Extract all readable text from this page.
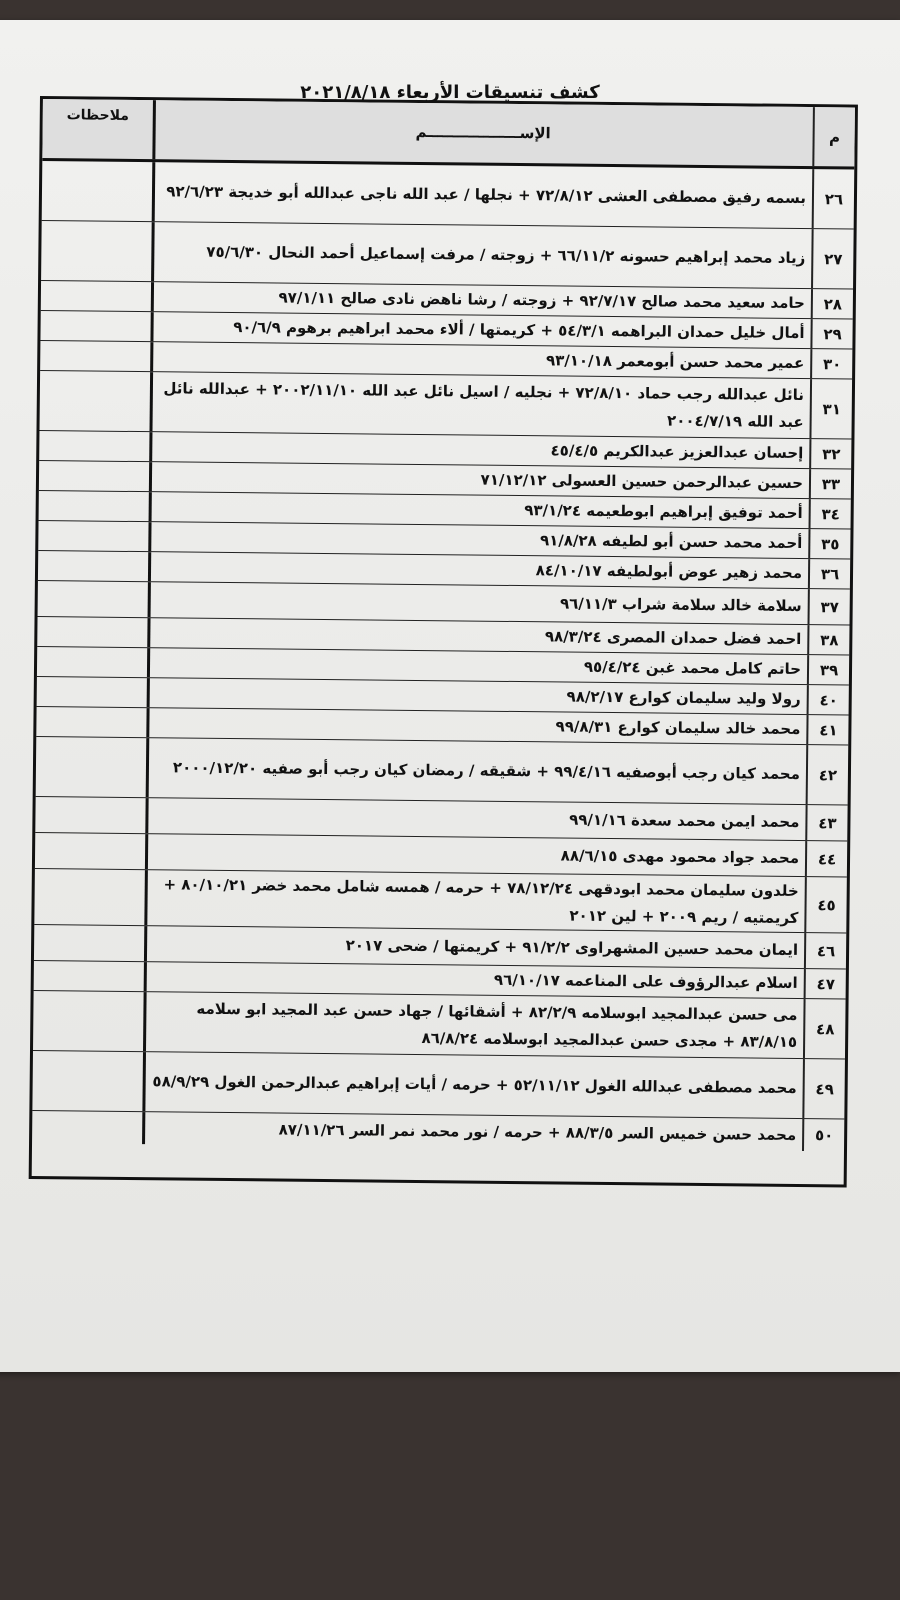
كشف تنسيقات الأربعاء ٢٠٢١/٨/١٨
م
الإســــــــــــــــــم
ملاحظات
٢٦
بسمه رفيق مصطفى العشى ٧٢/٨/١٢ + نجلها / عبد الله ناجى عبدالله أبو خديجة ٩٢/٦/٢٣
٢٧
زياد محمد إبراهيم حسونه ٦٦/١١/٢ + زوجته / مرفت إسماعيل أحمد النحال ٧٥/٦/٣٠
٢٨
حامد سعيد محمد صالح ٩٢/٧/١٧ + زوجته / رشا ناهض نادى صالح ٩٧/١/١١
٢٩
أمال خليل حمدان البراهمه ٥٤/٣/١ + كريمتها / ألاء محمد ابراهيم برهوم ٩٠/٦/٩
٣٠
عمير محمد حسن أبومعمر ٩٣/١٠/١٨
٣١
نائل عبدالله رجب حماد ٧٢/٨/١٠ + نجليه / اسيل نائل عبد الله ٢٠٠٢/١١/١٠ + عبدالله نائل عبد الله ٢٠٠٤/٧/١٩
٣٢
إحسان عبدالعزيز عبدالكريم ٤٥/٤/٥
٣٣
حسين عبدالرحمن حسين العسولى ٧١/١٢/١٢
٣٤
أحمد توفيق إبراهيم ابوطعيمه ٩٣/١/٢٤
٣٥
أحمد محمد حسن أبو لطيفه ٩١/٨/٢٨
٣٦
محمد زهير عوض أبولطيفه ٨٤/١٠/١٧
٣٧
سلامة خالد سلامة شراب ٩٦/١١/٣
٣٨
احمد فضل حمدان المصرى ٩٨/٣/٢٤
٣٩
حاتم كامل محمد غبن ٩٥/٤/٢٤
٤٠
رولا وليد سليمان كوارع ٩٨/٢/١٧
٤١
محمد خالد سليمان كوارع ٩٩/٨/٣١
٤٢
محمد كيان رجب أبوصفيه ٩٩/٤/١٦ + شقيقه / رمضان كيان رجب أبو صفيه ٢٠٠٠/١٢/٢٠
٤٣
محمد ايمن محمد سعدة ٩٩/١/١٦
٤٤
محمد جواد محمود مهدى ٨٨/٦/١٥
٤٥
خلدون سليمان محمد ابودقهى ٧٨/١٢/٢٤ + حرمه / همسه شامل محمد خضر ٨٠/١٠/٢١ + كريمتيه / ريم ٢٠٠٩ + لين ٢٠١٢
٤٦
ايمان محمد حسين المشهراوى ٩١/٢/٢ + كريمتها / ضحى ٢٠١٧
٤٧
اسلام عبدالرؤوف على المناعمه ٩٦/١٠/١٧
٤٨
مى حسن عبدالمجيد ابوسلامه ٨٢/٢/٩ + أشقائها / جهاد حسن عبد المجيد ابو سلامه ٨٣/٨/١٥ + مجدى حسن عبدالمجيد ابوسلامه ٨٦/٨/٢٤
٤٩
محمد مصطفى عبدالله الغول ٥٢/١١/١٢ + حرمه / أيات إبراهيم عبدالرحمن الغول ٥٨/٩/٢٩
٥٠
محمد حسن خميس السر ٨٨/٣/٥ + حرمه / نور محمد نمر السر ٨٧/١١/٢٦
